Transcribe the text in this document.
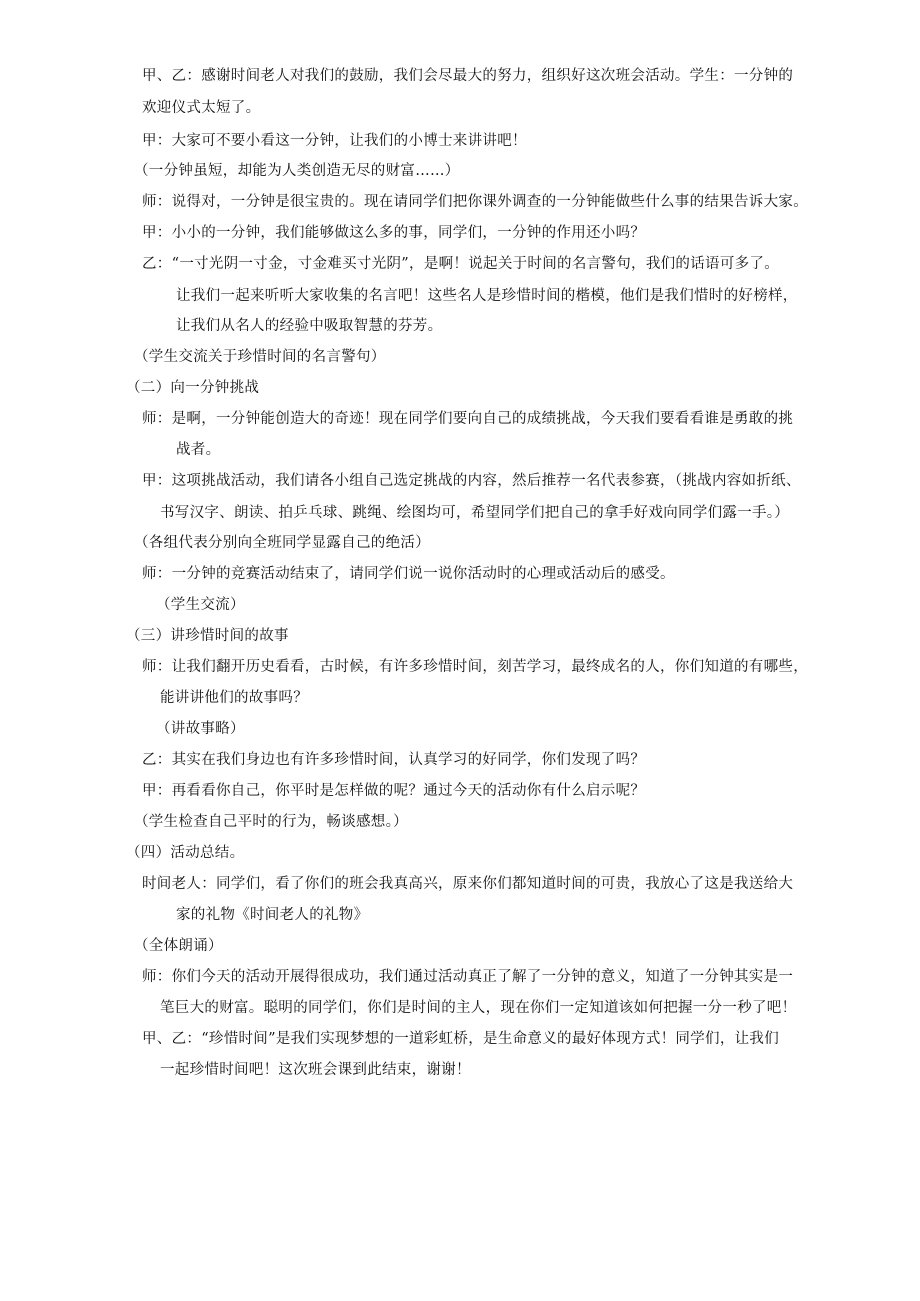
甲、乙：感谢时间老人对我们的鼓励，我们会尽最大的努力，组织好这次班会活动。学生：一分钟的
欢迎仪式太短了。
甲：大家可不要小看这一分钟，让我们的小博士来讲讲吧！
（一分钟虽短，却能为人类创造无尽的财富……）
师：说得对，一分钟是很宝贵的。现在请同学们把你课外调查的一分钟能做些什么事的结果告诉大家。
甲：小小的一分钟，我们能够做这么多的事，同学们，一分钟的作用还小吗？
乙：“一寸光阴一寸金，寸金难买寸光阴”，是啊！说起关于时间的名言警句，我们的话语可多了。
让我们一起来听听大家收集的名言吧！这些名人是珍惜时间的楷模，他们是我们惜时的好榜样，
让我们从名人的经验中吸取智慧的芬芳。
（学生交流关于珍惜时间的名言警句）
（二）向一分钟挑战
师：是啊，一分钟能创造大的奇迹！现在同学们要向自己的成绩挑战，今天我们要看看谁是勇敢的挑
战者。
甲：这项挑战活动，我们请各小组自己选定挑战的内容，然后推荐一名代表参赛，（挑战内容如折纸、
书写汉字、朗读、拍乒乓球、跳绳、绘图均可，希望同学们把自己的拿手好戏向同学们露一手。）
（各组代表分别向全班同学显露自己的绝活）
师：一分钟的竞赛活动结束了，请同学们说一说你活动时的心理或活动后的感受。
（学生交流）
（三）讲珍惜时间的故事
师：让我们翻开历史看看，古时候，有许多珍惜时间，刻苦学习，最终成名的人，你们知道的有哪些，
能讲讲他们的故事吗？
（讲故事略）
乙：其实在我们身边也有许多珍惜时间，认真学习的好同学，你们发现了吗？
甲：再看看你自己，你平时是怎样做的呢？通过今天的活动你有什么启示呢？
（学生检查自己平时的行为，畅谈感想。）
（四）活动总结。
时间老人：同学们，看了你们的班会我真高兴，原来你们都知道时间的可贵，我放心了这是我送给大
家的礼物《时间老人的礼物》
（全体朗诵）
师：你们今天的活动开展得很成功，我们通过活动真正了解了一分钟的意义，知道了一分钟其实是一
笔巨大的财富。聪明的同学们，你们是时间的主人，现在你们一定知道该如何把握一分一秒了吧！
甲、乙：“珍惜时间”是我们实现梦想的一道彩虹桥，是生命意义的最好体现方式！同学们，让我们
一起珍惜时间吧！这次班会课到此结束，谢谢！
